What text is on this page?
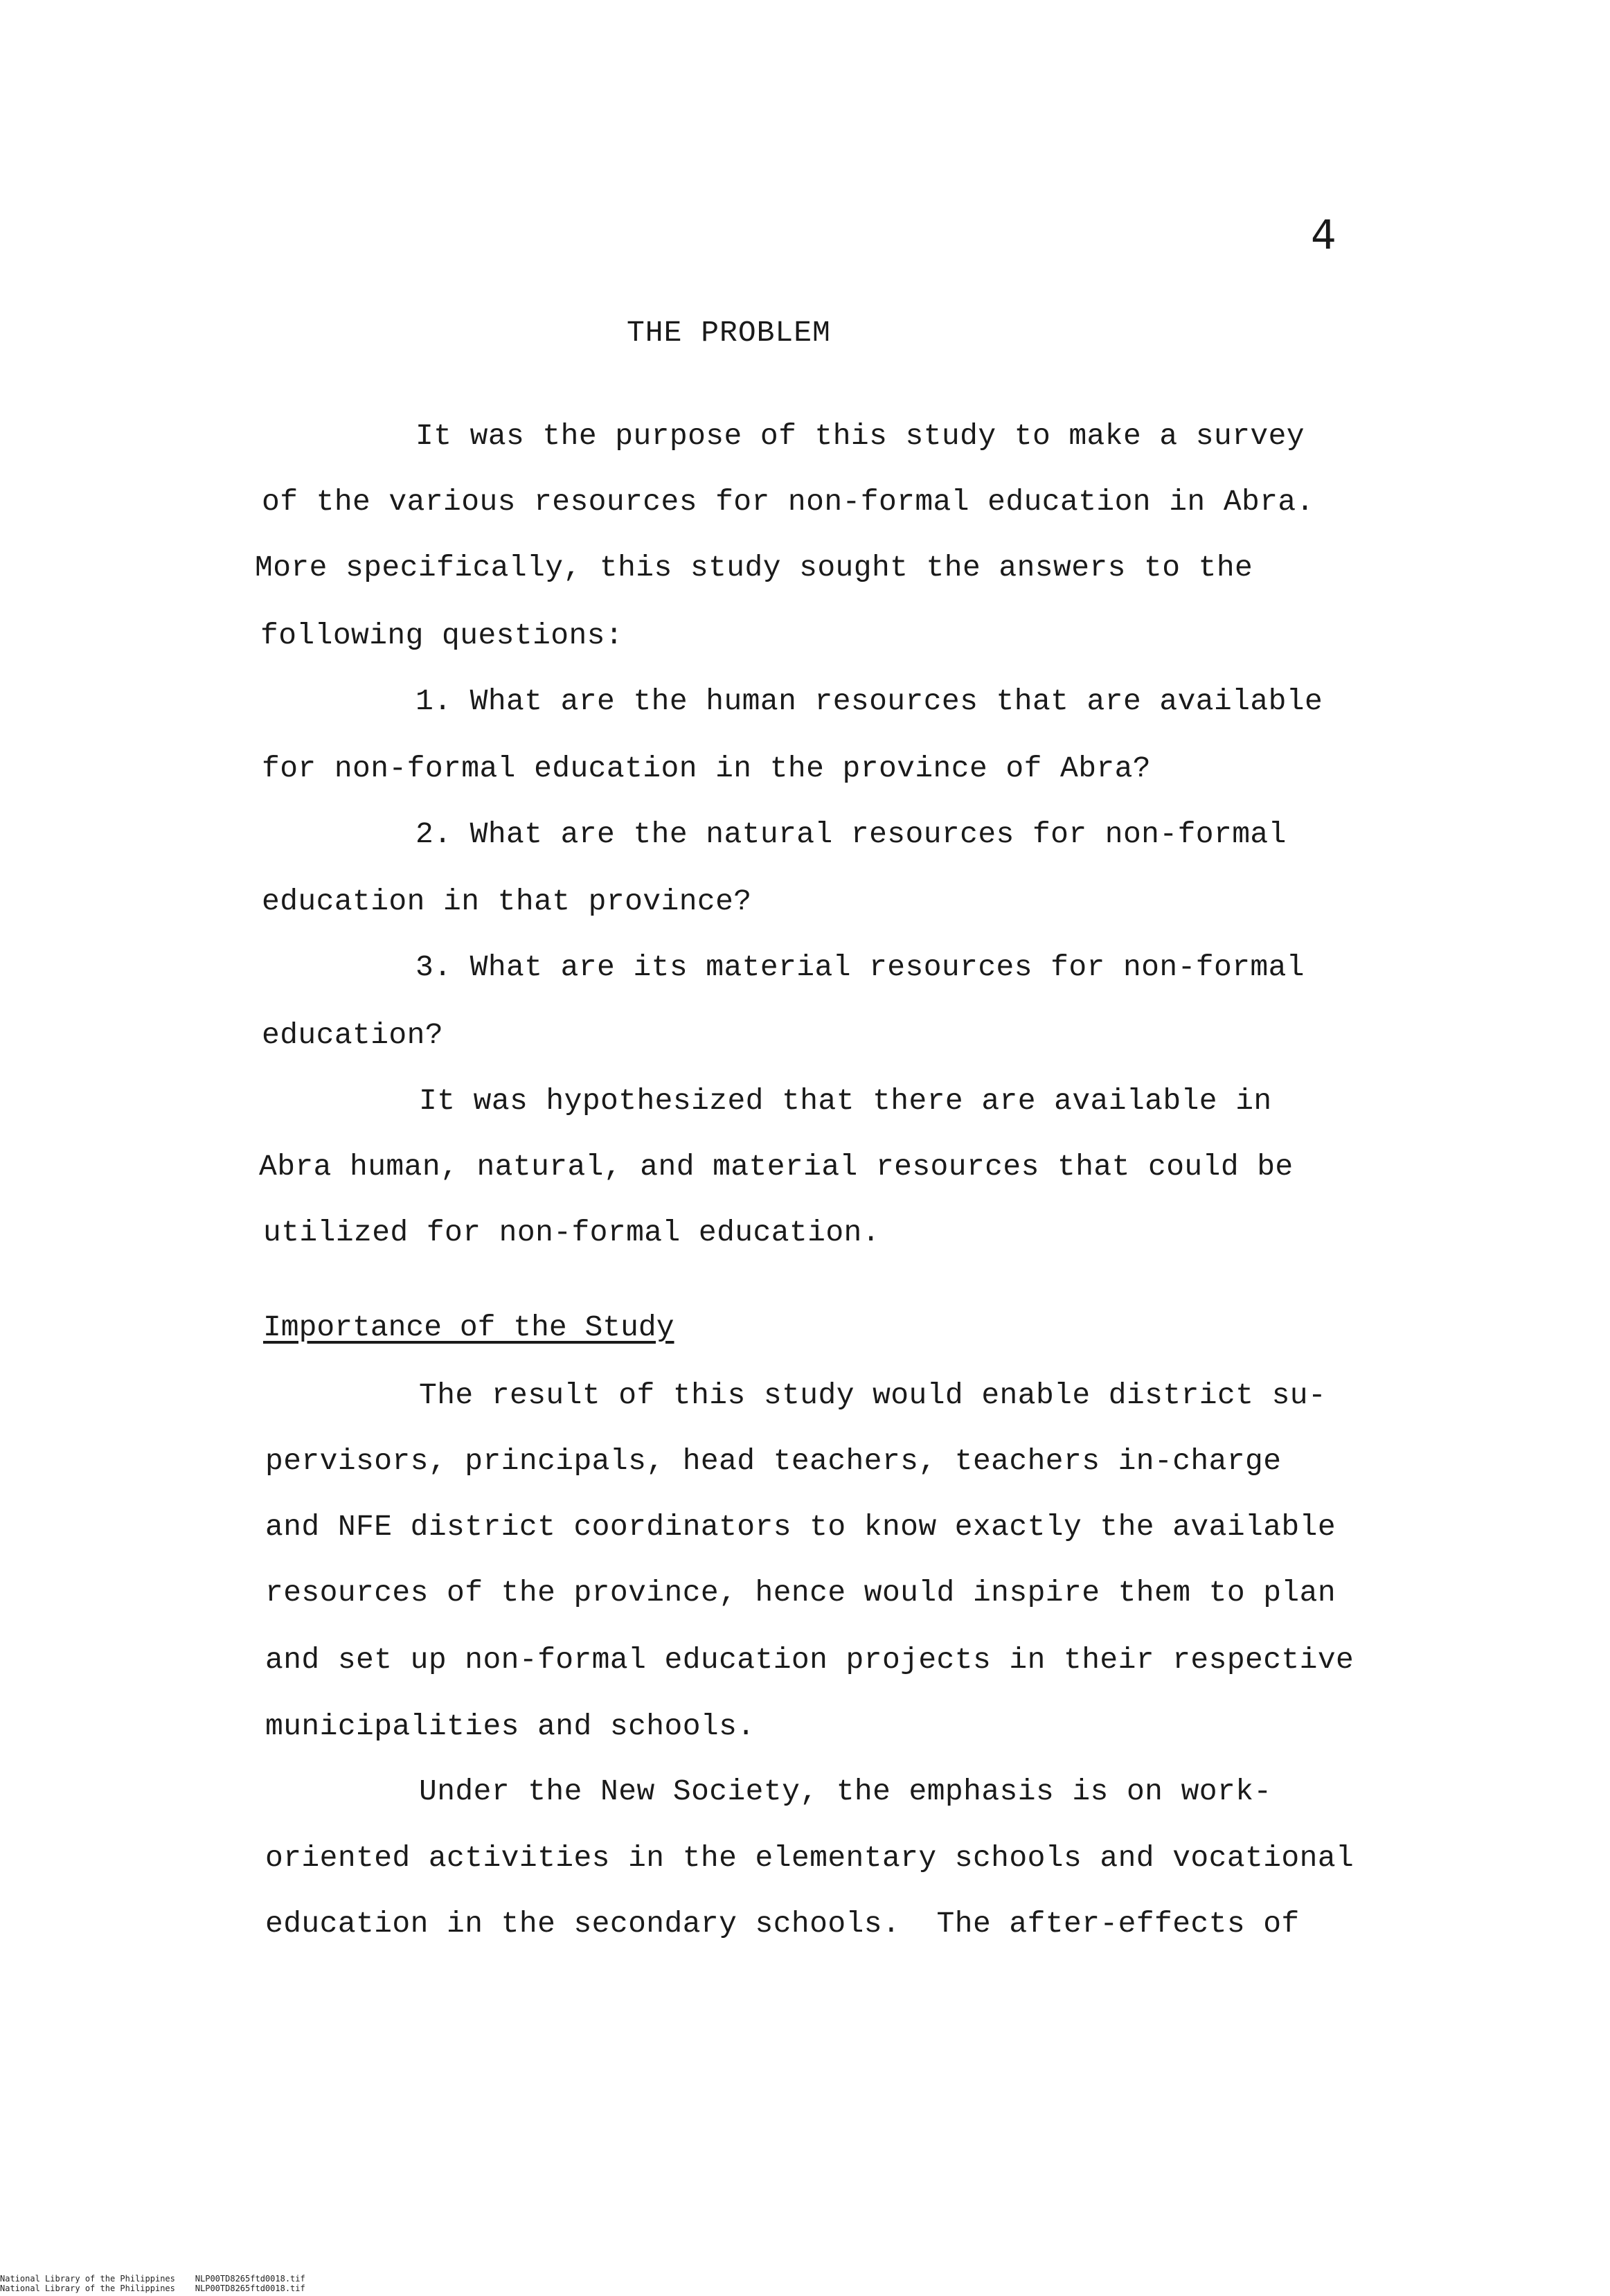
4
THE PROBLEM
It was the purpose of this study to make a survey
of the various resources for non-formal education in Abra.
More specifically, this study sought the answers to the
following questions:
1. What are the human resources that are available
for non-formal education in the province of Abra?
2. What are the natural resources for non-formal
education in that province?
3. What are its material resources for non-formal
education?
It was hypothesized that there are available in
Abra human, natural, and material resources that could be
utilized for non-formal education.
Importance of the Study
The result of this study would enable district su-
pervisors, principals, head teachers, teachers in-charge
and NFE district coordinators to know exactly the available
resources of the province, hence would inspire them to plan
and set up non-formal education projects in their respective
municipalities and schools.
Under the New Society, the emphasis is on work-
oriented activities in the elementary schools and vocational
education in the secondary schools.  The after-effects of
National Library of the Philippines NLP00TD8265ftd0018.tif
National Library of the Philippines NLP00TD8265ftd0018.tif
